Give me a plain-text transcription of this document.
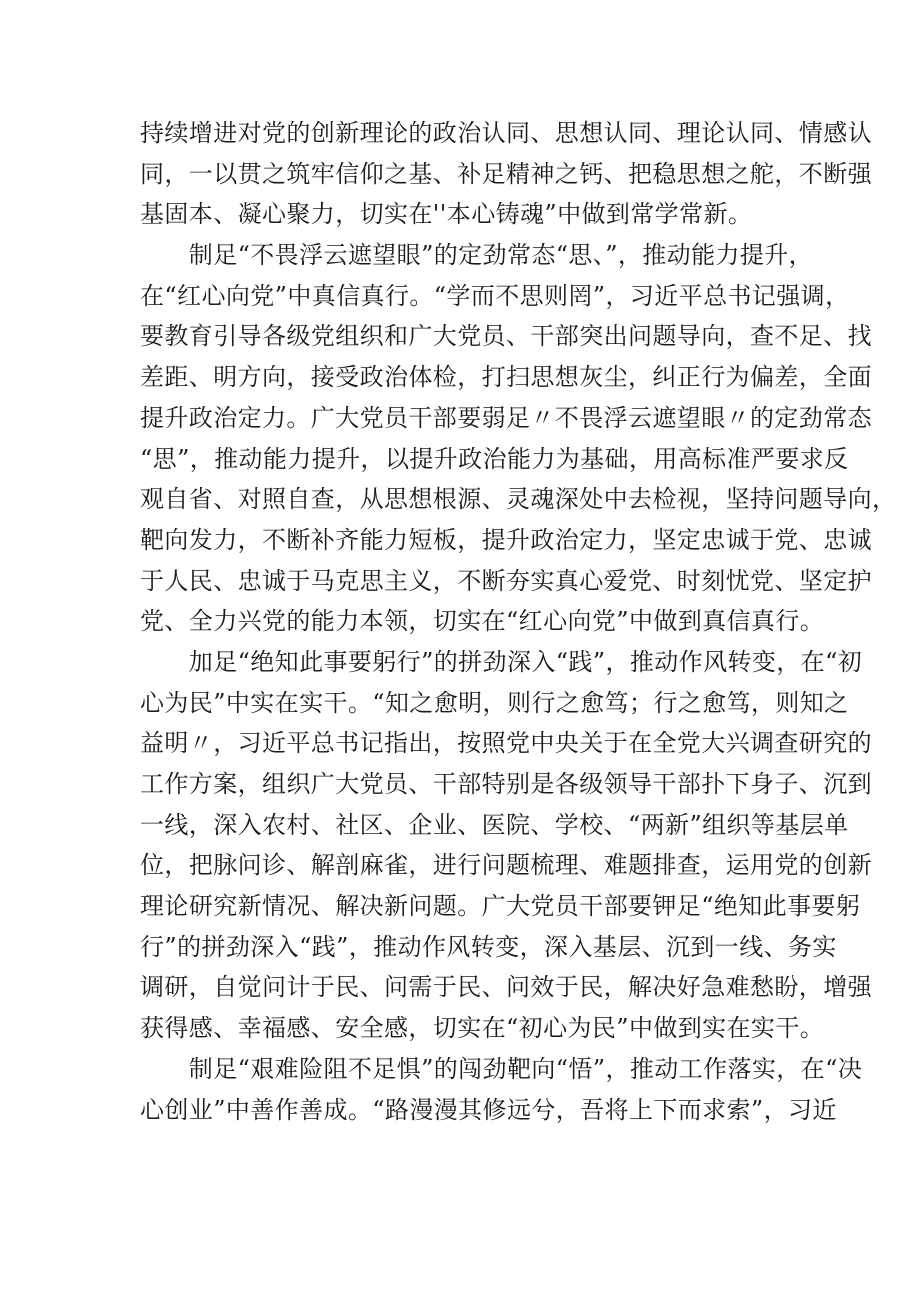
持续增进对党的创新理论的政治认同、思想认同、理论认同、情感认
同，一以贯之筑牢信仰之基、补足精神之钙、把稳思想之舵，不断强
基固本、凝心聚力，切实在''本心铸魂”中做到常学常新。
　　制足“不畏浮云遮望眼”的定劲常态“思、”，推动能力提升，
在“红心向党”中真信真行。“学而不思则罔”，习近平总书记强调，
要教育引导各级党组织和广大党员、干部突出问题导向，查不足、找
差距、明方向，接受政治体检，打扫思想灰尘，纠正行为偏差，全面
提升政治定力。广大党员干部要弱足〃不畏浮云遮望眼〃的定劲常态
“思”，推动能力提升，以提升政治能力为基础，用高标准严要求反
观自省、对照自查，从思想根源、灵魂深处中去检视，坚持问题导向，
靶向发力，不断补齐能力短板，提升政治定力，坚定忠诚于党、忠诚
于人民、忠诚于马克思主义，不断夯实真心爱党、时刻忧党、坚定护
党、全力兴党的能力本领，切实在“红心向党”中做到真信真行。
　　加足“绝知此事要躬行”的拼劲深入“践”，推动作风转变，在“初
心为民”中实在实干。“知之愈明，则行之愈笃；行之愈笃，则知之
益明〃，习近平总书记指出，按照党中央关于在全党大兴调查研究的
工作方案，组织广大党员、干部特别是各级领导干部扑下身子、沉到
一线，深入农村、社区、企业、医院、学校、“两新”组织等基层单
位，把脉问诊、解剖麻雀，进行问题梳理、难题排查，运用党的创新
理论研究新情况、解决新问题。广大党员干部要钾足“绝知此事要躬
行”的拼劲深入“践”，推动作风转变，深入基层、沉到一线、务实
调研，自觉问计于民、问需于民、问效于民，解决好急难愁盼，增强
获得感、幸福感、安全感，切实在“初心为民”中做到实在实干。
　　制足“艰难险阻不足惧”的闯劲靶向“悟”，推动工作落实，在“决
心创业”中善作善成。“路漫漫其修远兮，吾将上下而求索”，习近
